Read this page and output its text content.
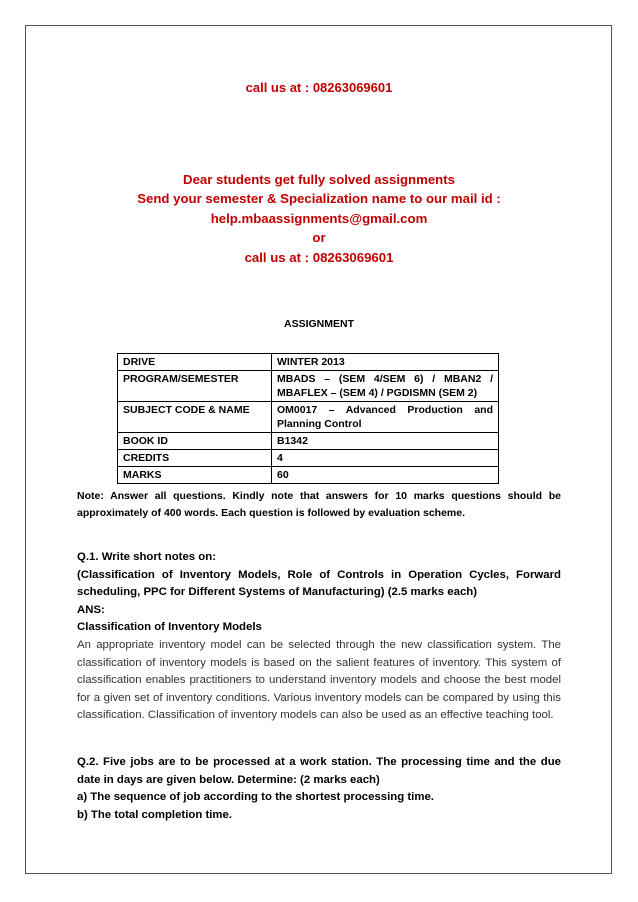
call us at : 08263069601
Dear students get fully solved assignments
Send your semester & Specialization name to our mail id :
help.mbaassignments@gmail.com
or
call us at : 08263069601
ASSIGNMENT
DRIVE	WINTER 2013
PROGRAM/SEMESTER	MBADS – (SEM 4/SEM 6) / MBAN2 / MBAFLEX – (SEM 4) / PGDISMN (SEM 2)
SUBJECT CODE & NAME	OM0017 – Advanced Production and Planning Control
BOOK ID	B1342
CREDITS	4
MARKS	60
Note: Answer all questions. Kindly note that answers for 10 marks questions should be approximately of 400 words. Each question is followed by evaluation scheme.
Q.1. Write short notes on:
(Classification of Inventory Models, Role of Controls in Operation Cycles, Forward scheduling, PPC for Different Systems of Manufacturing) (2.5 marks each)
ANS:
Classification of Inventory Models
An appropriate inventory model can be selected through the new classification system. The classification of inventory models is based on the salient features of inventory. This system of classification enables practitioners to understand inventory models and choose the best model for a given set of inventory conditions. Various inventory models can be compared by using this classification. Classification of inventory models can also be used as an effective teaching tool.
Q.2. Five jobs are to be processed at a work station. The processing time and the due date in days are given below. Determine: (2 marks each)
a) The sequence of job according to the shortest processing time.
b) The total completion time.
